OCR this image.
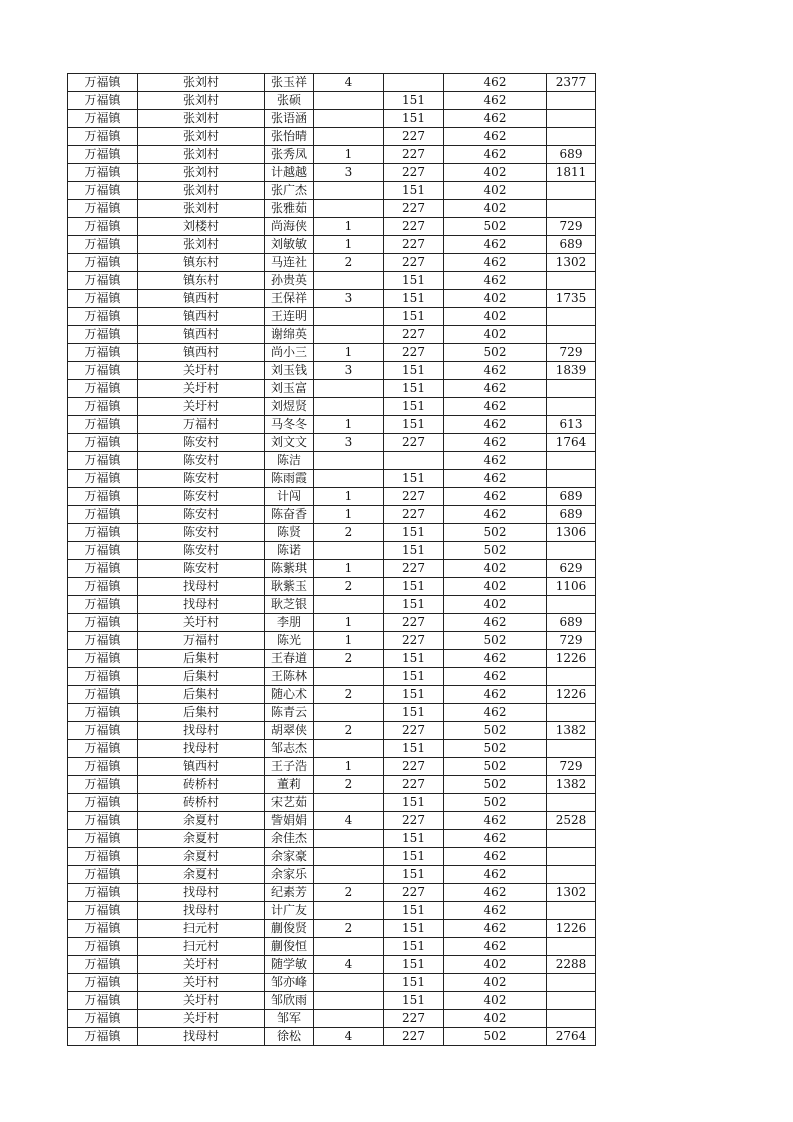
万福镇	张刘村	张玉祥	4		462	2377
万福镇	张刘村	张硕		151	462	
万福镇	张刘村	张语涵		151	462	
万福镇	张刘村	张怡晴		227	462	
万福镇	张刘村	张秀凤	1	227	462	689
万福镇	张刘村	计越越	3	227	402	1811
万福镇	张刘村	张广杰		151	402	
万福镇	张刘村	张雅茹		227	402	
万福镇	刘楼村	尚海侠	1	227	502	729
万福镇	张刘村	刘敏敏	1	227	462	689
万福镇	镇东村	马连社	2	227	462	1302
万福镇	镇东村	孙贵英		151	462	
万福镇	镇西村	王保祥	3	151	402	1735
万福镇	镇西村	王连明		151	402	
万福镇	镇西村	谢绵英		227	402	
万福镇	镇西村	尚小三	1	227	502	729
万福镇	关圩村	刘玉钱	3	151	462	1839
万福镇	关圩村	刘玉富		151	462	
万福镇	关圩村	刘煜贤		151	462	
万福镇	万福村	马冬冬	1	151	462	613
万福镇	陈安村	刘文文	3	227	462	1764
万福镇	陈安村	陈洁			462	
万福镇	陈安村	陈雨霞		151	462	
万福镇	陈安村	计闯	1	227	462	689
万福镇	陈安村	陈奋香	1	227	462	689
万福镇	陈安村	陈贤	2	151	502	1306
万福镇	陈安村	陈诺		151	502	
万福镇	陈安村	陈紫琪	1	227	402	629
万福镇	找母村	耿紫玉	2	151	402	1106
万福镇	找母村	耿芝银		151	402	
万福镇	关圩村	李朋	1	227	462	689
万福镇	万福村	陈光	1	227	502	729
万福镇	后集村	王春道	2	151	462	1226
万福镇	后集村	王陈林		151	462	
万福镇	后集村	随心术	2	151	462	1226
万福镇	后集村	陈青云		151	462	
万福镇	找母村	胡翠侠	2	227	502	1382
万福镇	找母村	邹志杰		151	502	
万福镇	镇西村	王子浩	1	227	502	729
万福镇	砖桥村	董莉	2	227	502	1382
万福镇	砖桥村	宋艺茹		151	502	
万福镇	余夏村	訾娟娟	4	227	462	2528
万福镇	余夏村	余佳杰		151	462	
万福镇	余夏村	余家豪		151	462	
万福镇	余夏村	余家乐		151	462	
万福镇	找母村	纪素芳	2	227	462	1302
万福镇	找母村	计广友		151	462	
万福镇	扫元村	蒯俊贤	2	151	462	1226
万福镇	扫元村	蒯俊恒		151	462	
万福镇	关圩村	随学敏	4	151	402	2288
万福镇	关圩村	邹亦峰		151	402	
万福镇	关圩村	邹欣雨		151	402	
万福镇	关圩村	邹军		227	402	
万福镇	找母村	徐松	4	227	502	2764
